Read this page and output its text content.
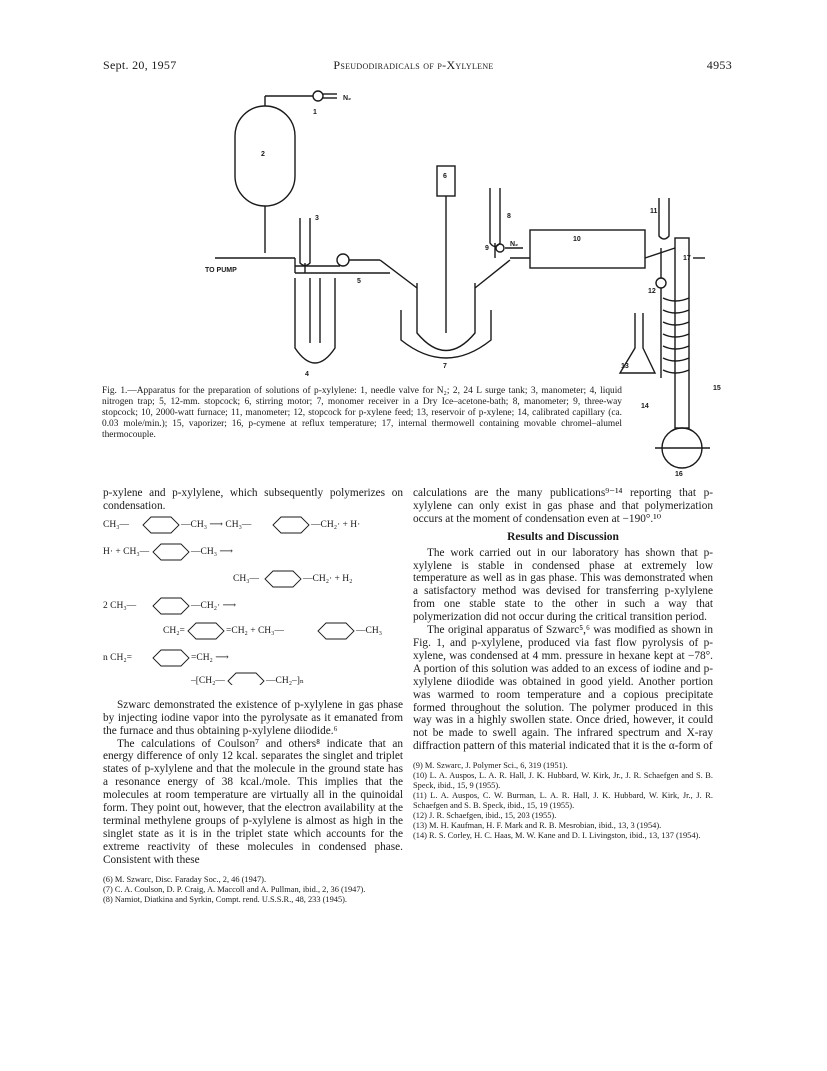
Sept. 20, 1957	Pseudodiradicals of p-Xylylene	4953
N₂
1
2
3
4
5
6
7
8
9
N₂
10
11
12
13
14
15
16
17
TO PUMP
Fig. 1.—Apparatus for the preparation of solutions of p-xylylene: 1, needle valve for N₂; 2, 24 L surge tank; 3, manometer; 4, liquid nitrogen trap; 5, 12-mm. stopcock; 6, stirring motor; 7, monomer receiver in a Dry Ice–acetone-bath; 8, manometer; 9, three-way stopcock; 10, 2000-watt furnace; 11, manometer; 12, stopcock for p-xylene feed; 13, reservoir of p-xylene; 14, calibrated capillary (ca. 0.03 mole/min.); 15, vaporizer; 16, p-cymene at reflux temperature; 17, internal thermowell containing movable chromel–alumel thermocouple.

p-xylene and p-xylylene, which subsequently polymerizes on condensation.

CH₃—	—CH₃ ⟶ CH₃—	—CH₂· + H·
H· + CH₃—	—CH₃ ⟶
CH₃—	—CH₂· + H₂
2 CH₃—	—CH₂· ⟶
CH₂=	=CH₂ + CH₃—	—CH₃
n CH₂=	=CH₂ ⟶
–[CH₂—	—CH₂–]ₙ

Szwarc demonstrated the existence of p-xylylene in gas phase by injecting iodine vapor into the pyrolysate as it emanated from the furnace and thus obtaining p-xylylene diiodide.⁶

The calculations of Coulson⁷ and others⁸ indicate that an energy difference of only 12 kcal. separates the singlet and triplet states of p-xylylene and that the molecule in the ground state has a resonance energy of 38 kcal./mole. This implies that the molecules at room temperature are virtually all in the quinoidal form. They point out, however, that the electron availability at the terminal methylene groups of p-xylylene is almost as high in the singlet state as it is in the triplet state which accounts for the extreme reactivity of these molecules in condensed phase. Consistent with these

(6) M. Szwarc, Disc. Faraday Soc., 2, 46 (1947).

(7) C. A. Coulson, D. P. Craig, A. Maccoll and A. Pullman, ibid., 2, 36 (1947).

(8) Namiot, Diatkina and Syrkin, Compt. rend. U.S.S.R., 48, 233 (1945).

calculations are the many publications⁹⁻¹⁴ reporting that p-xylylene can only exist in gas phase and that polymerization occurs at the moment of condensation even at −190°.¹⁰

Results and Discussion

The work carried out in our laboratory has shown that p-xylylene is stable in condensed phase at extremely low temperature as well as in gas phase. This was demonstrated when a satisfactory method was devised for transferring p-xylylene from one stable state to the other in such a way that polymerization did not occur during the critical transition period.

The original apparatus of Szwarc⁵,⁶ was modified as shown in Fig. 1, and p-xylylene, produced via fast flow pyrolysis of p-xylene, was condensed at 4 mm. pressure in hexane kept at −78°. A portion of this solution was added to an excess of iodine and p-xylylene diiodide was obtained in good yield. Another portion was warmed to room temperature and a copious precipitate formed throughout the solution. The polymer produced in this way was in a highly swollen state. Once dried, however, it could not be made to swell again. The infrared spectrum and X-ray diffraction pattern of this material indicated that it is the α-form of

(9) M. Szwarc, J. Polymer Sci., 6, 319 (1951).

(10) L. A. Auspos, L. A. R. Hall, J. K. Hubbard, W. Kirk, Jr., J. R. Schaefgen and S. B. Speck, ibid., 15, 9 (1955).

(11) L. A. Auspos, C. W. Burman, L. A. R. Hall, J. K. Hubbard, W. Kirk, Jr., J. R. Schaefgen and S. B. Speck, ibid., 15, 19 (1955).

(12) J. R. Schaefgen, ibid., 15, 203 (1955).

(13) M. H. Kaufman, H. F. Mark and R. B. Mesrobian, ibid., 13, 3 (1954).

(14) R. S. Corley, H. C. Haas, M. W. Kane and D. I. Livingston, ibid., 13, 137 (1954).
